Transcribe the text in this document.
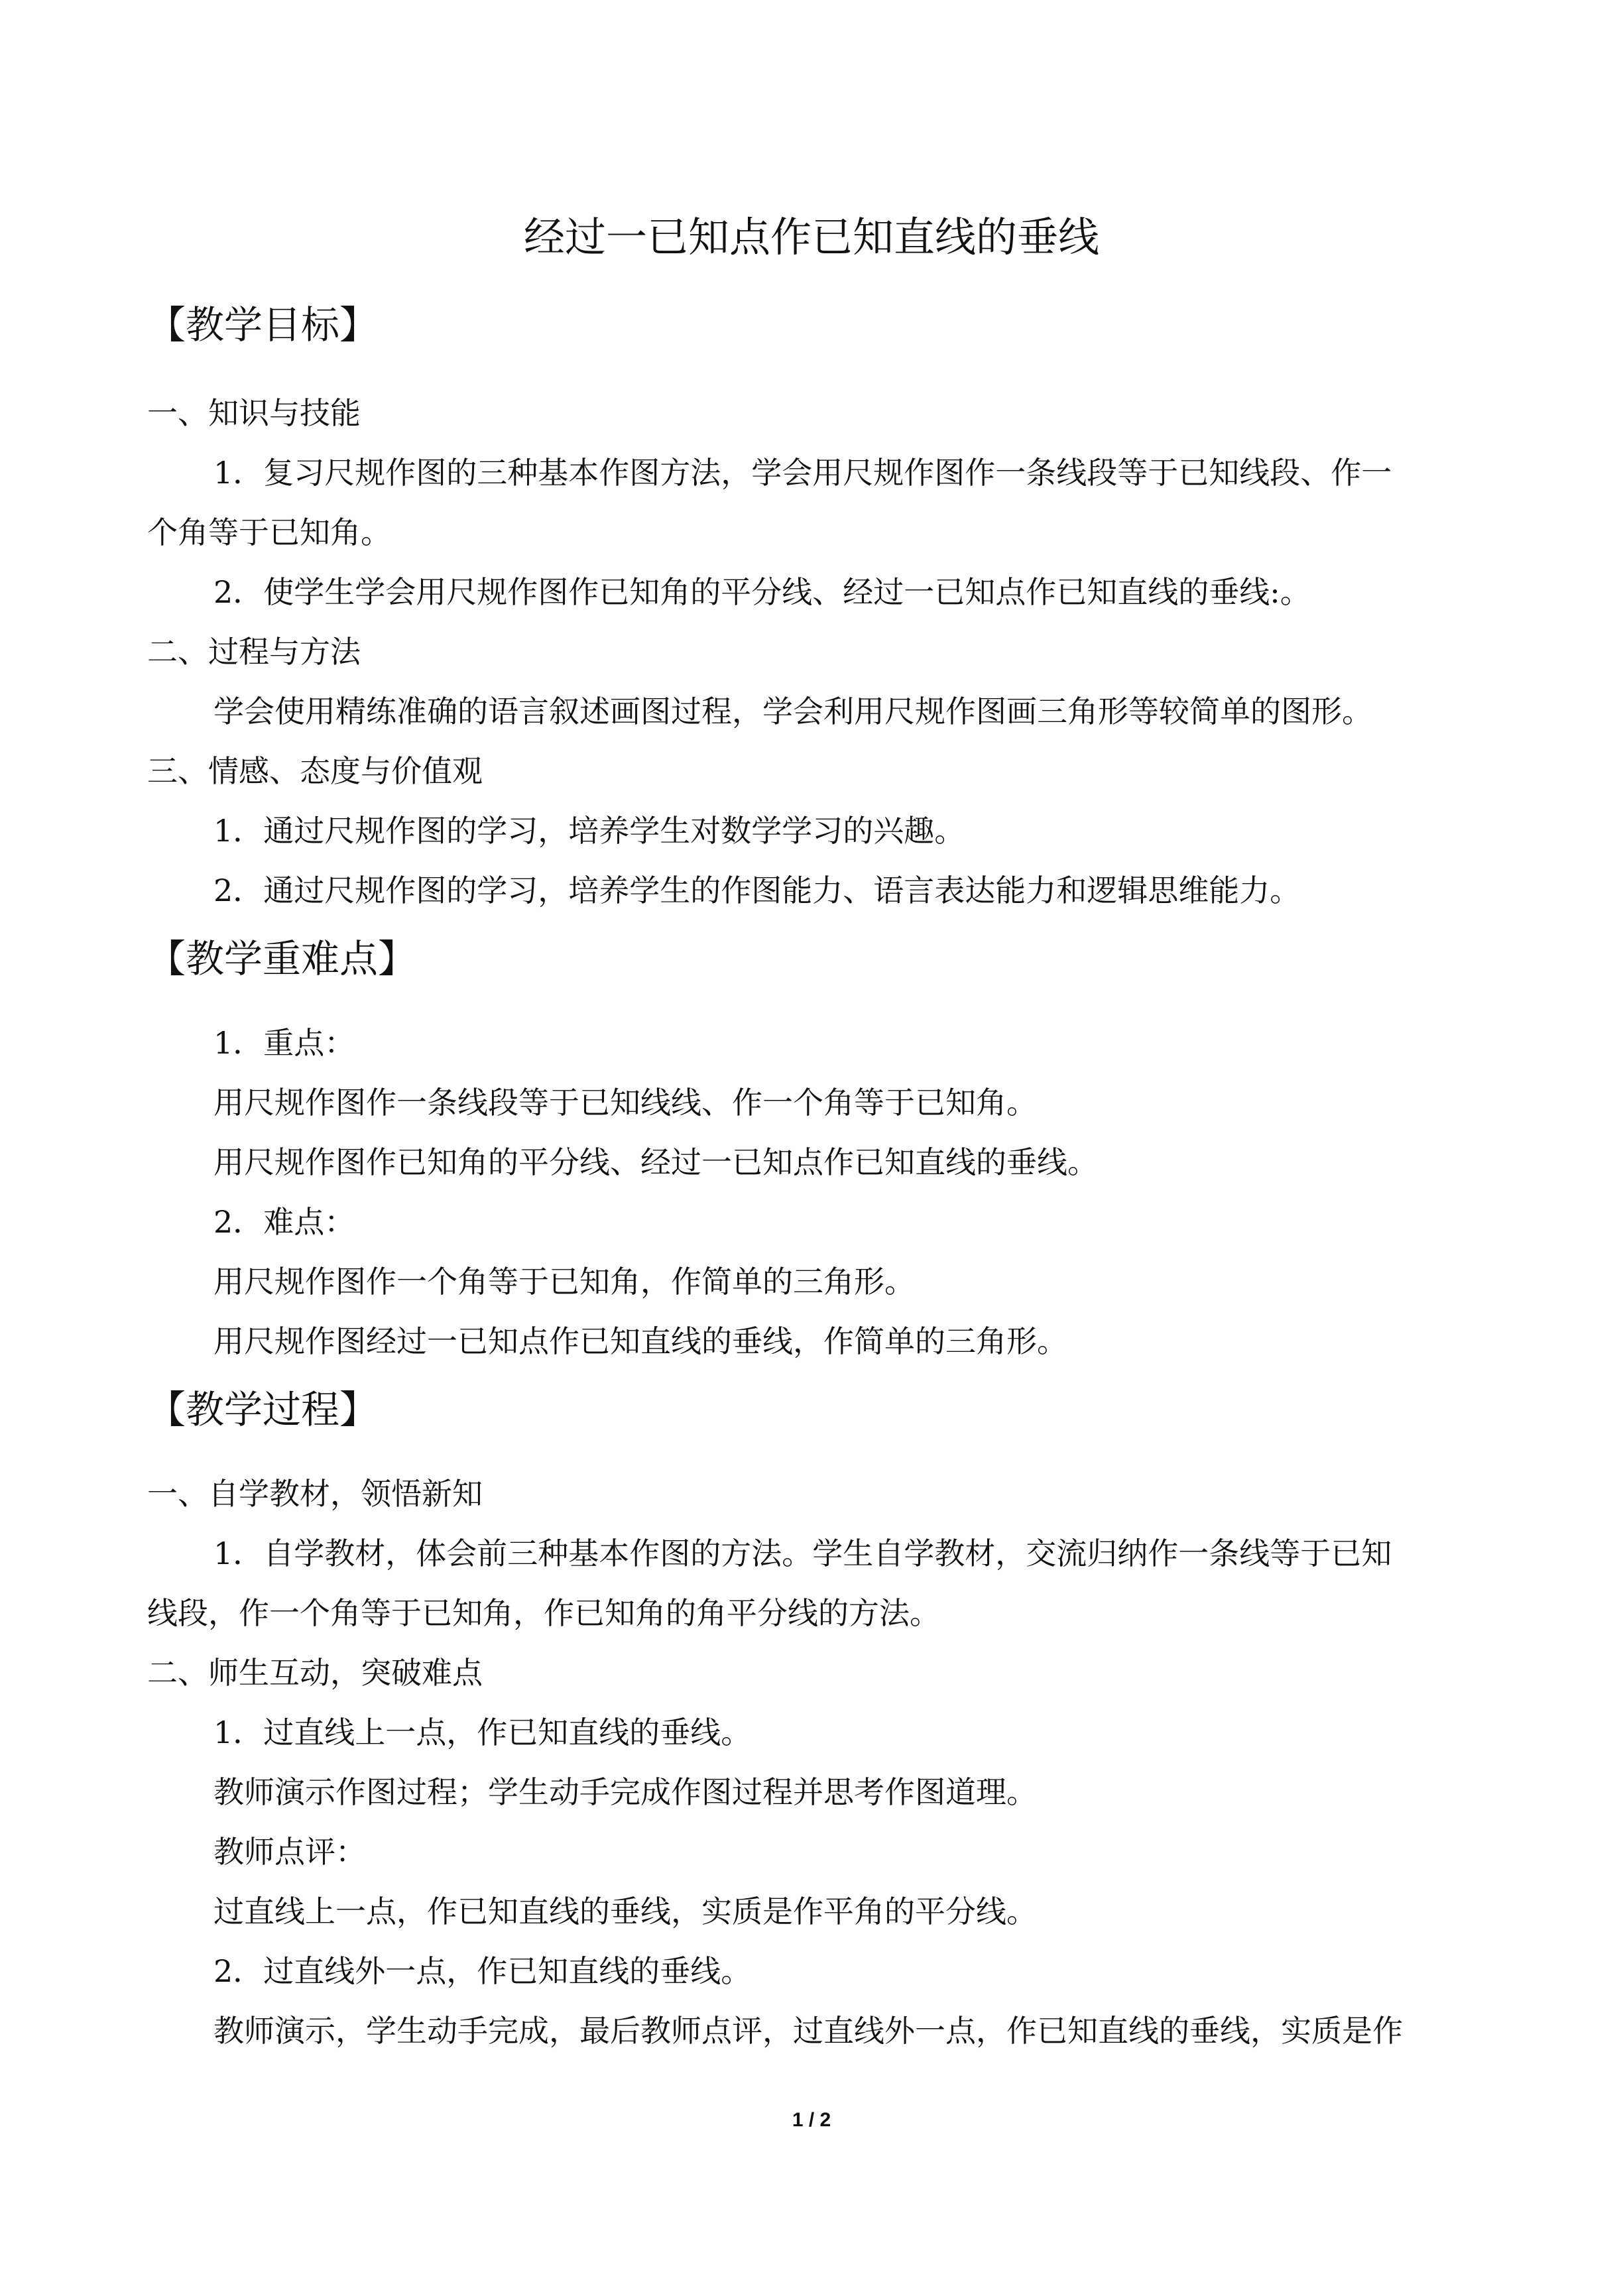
经过一已知点作已知直线的垂线
【教学目标】
一、知识与技能
1．复习尺规作图的三种基本作图方法，学会用尺规作图作一条线段等于已知线段、作一
个角等于已知角。
2．使学生学会用尺规作图作已知角的平分线、经过一已知点作已知直线的垂线:。
二、过程与方法
学会使用精练准确的语言叙述画图过程，学会利用尺规作图画三角形等较简单的图形。
三、情感、态度与价值观
1．通过尺规作图的学习，培养学生对数学学习的兴趣。
2．通过尺规作图的学习，培养学生的作图能力、语言表达能力和逻辑思维能力。
【教学重难点】
1．重点：
用尺规作图作一条线段等于已知线线、作一个角等于已知角。
用尺规作图作已知角的平分线、经过一已知点作已知直线的垂线。
2．难点：
用尺规作图作一个角等于已知角，作简单的三角形。
用尺规作图经过一已知点作已知直线的垂线，作简单的三角形。
【教学过程】
一、自学教材，领悟新知
1．自学教材，体会前三种基本作图的方法。学生自学教材，交流归纳作一条线等于已知
线段，作一个角等于已知角，作已知角的角平分线的方法。
二、师生互动，突破难点
1．过直线上一点，作已知直线的垂线。
教师演示作图过程；学生动手完成作图过程并思考作图道理。
教师点评：
过直线上一点，作已知直线的垂线，实质是作平角的平分线。
2．过直线外一点，作已知直线的垂线。
教师演示，学生动手完成，最后教师点评，过直线外一点，作已知直线的垂线，实质是作
1 / 2
